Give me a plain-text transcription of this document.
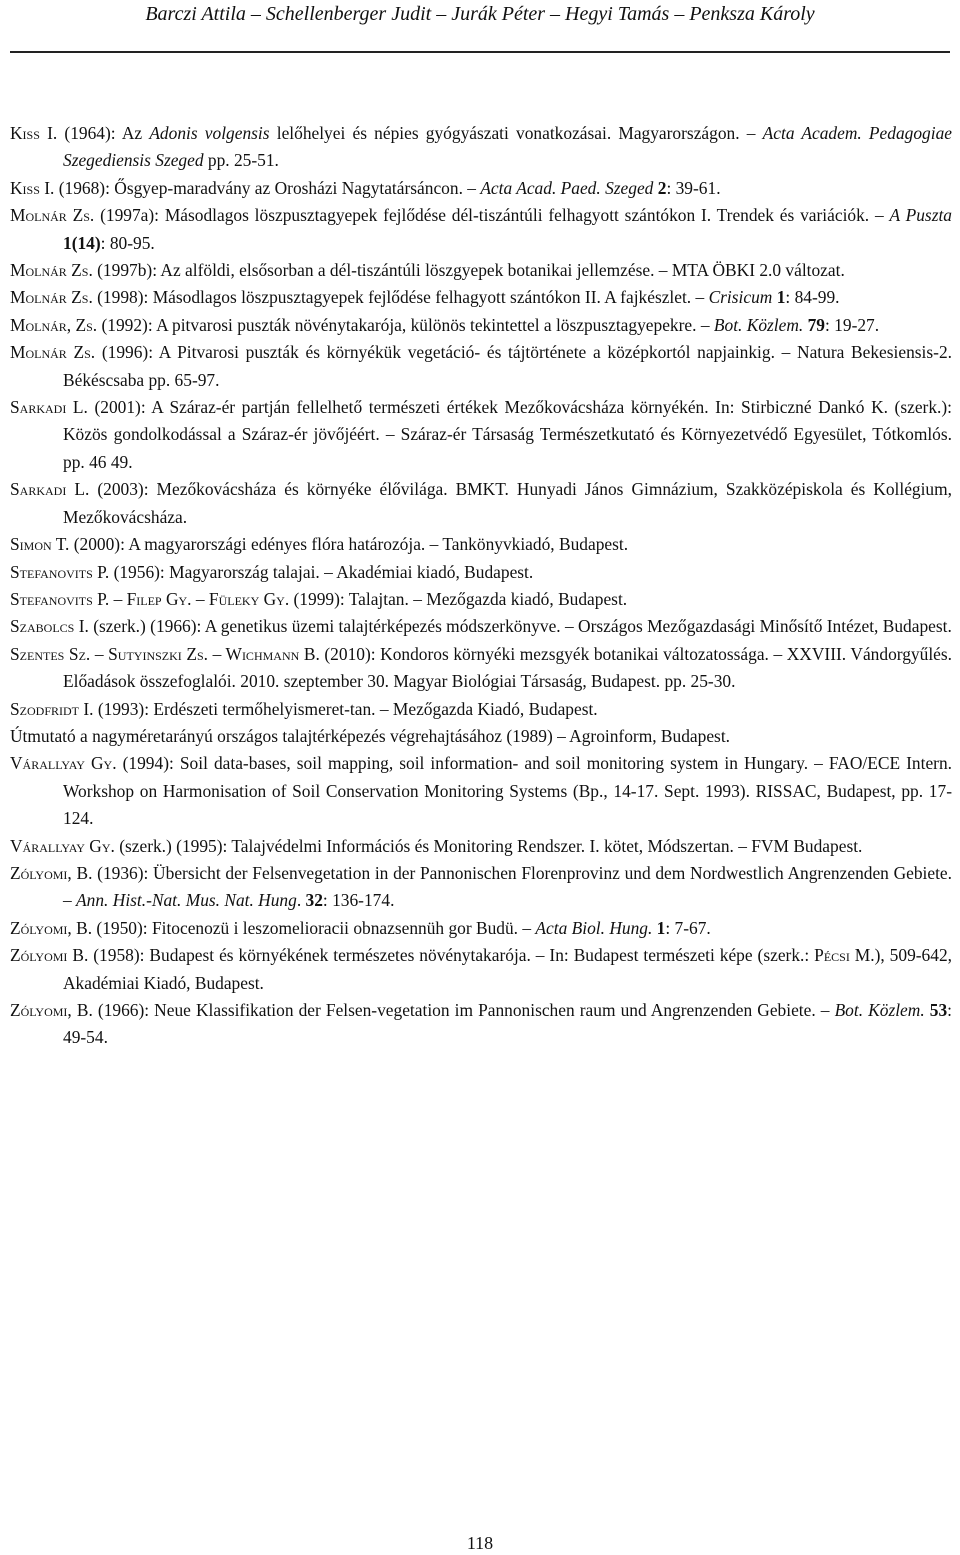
Barczi Attila – Schellenberger Judit – Jurák Péter – Hegyi Tamás – Penksza Károly

Kiss I. (1964): Az Adonis volgensis lelőhelyei és népies gyógyászati vonatkozásai. Magyarországon. – Acta Academ. Pedagogiae Szegediensis Szeged pp. 25-51.

Kiss I. (1968): Ősgyep-maradvány az Orosházi Nagytatársáncon. – Acta Acad. Paed. Szeged 2: 39-61.

Molnár Zs. (1997a): Másodlagos löszpusztagyepek fejlődése dél-tiszántúli felhagyott szántókon I. Trendek és variációk. – A Puszta 1(14): 80-95.

Molnár Zs. (1997b): Az alföldi, elsősorban a dél-tiszántúli löszgyepek botanikai jellemzése. – MTA ÖBKI 2.0 változat.

Molnár Zs. (1998): Másodlagos löszpusztagyepek fejlődése felhagyott szántókon II. A fajkészlet. – Crisicum 1: 84-99.

Molnár, Zs. (1992): A pitvarosi puszták növénytakarója, különös tekintettel a löszpusztagyepekre. – Bot. Közlem. 79: 19-27.

Molnár Zs. (1996): A Pitvarosi puszták és környékük vegetáció- és tájtörténete a középkortól napjainkig. – Natura Bekesiensis-2. Békéscsaba pp. 65-97.

Sarkadi L. (2001): A Száraz-ér partján fellelhető természeti értékek Mezőkovácsháza környékén. In: Stirbiczné Dankó K. (szerk.): Közös gondolkodással a Száraz-ér jövőjéért. – Száraz-ér Társaság Természetkutató és Környezetvédő Egyesület, Tótkomlós. pp. 46 49.

Sarkadi L. (2003): Mezőkovácsháza és környéke élővilága. BMKT. Hunyadi János Gimnázium, Szakközépiskola és Kollégium, Mezőkovácsháza.

Simon T. (2000): A magyarországi edényes flóra határozója. – Tankönyvkiadó, Budapest.

Stefanovits P. (1956): Magyarország talajai. – Akadémiai kiadó, Budapest.

Stefanovits P. – Filep Gy. – Füleky Gy. (1999): Talajtan. – Mezőgazda kiadó, Budapest.

Szabolcs I. (szerk.) (1966): A genetikus üzemi talajtérképezés módszerkönyve. – Országos Mezőgazdasági Minősítő Intézet, Budapest.

Szentes Sz. – Sutyinszki Zs. – Wichmann B. (2010): Kondoros környéki mezsgyék botanikai változatossága. – XXVIII. Vándorgyűlés. Előadások összefoglalói. 2010. szeptember 30. Magyar Biológiai Társaság, Budapest. pp. 25-30.

Szodfridt I. (1993): Erdészeti termőhelyismeret-tan. – Mezőgazda Kiadó, Budapest.

Útmutató a nagyméretarányú országos talajtérképezés végrehajtásához (1989) – Agroinform, Budapest.

Várallyay Gy. (1994): Soil data-bases, soil mapping, soil information- and soil monitoring system in Hungary. – FAO/ECE Intern. Workshop on Harmonisation of Soil Conservation Monitoring Systems (Bp., 14-17. Sept. 1993). RISSAC, Budapest, pp. 17-124.

Várallyay Gy. (szerk.) (1995): Talajvédelmi Információs és Monitoring Rendszer. I. kötet, Módszertan. – FVM Budapest.

Zólyomi, B. (1936): Übersicht der Felsenvegetation in der Pannonischen Florenprovinz und dem Nordwestlich Angrenzenden Gebiete. – Ann. Hist.-Nat. Mus. Nat. Hung. 32: 136-174.

Zólyomi, B. (1950): Fitocenozü i leszomelioracii obnazsennüh gor Budü. – Acta Biol. Hung. 1: 7-67.

Zólyomi B. (1958): Budapest és környékének természetes növénytakarója. – In: Budapest természeti képe (szerk.: Pécsi M.), 509-642, Akadémiai Kiadó, Budapest.

Zólyomi, B. (1966): Neue Klassifikation der Felsen-vegetation im Pannonischen raum und Angrenzenden Gebiete. – Bot. Közlem. 53: 49-54.

118
